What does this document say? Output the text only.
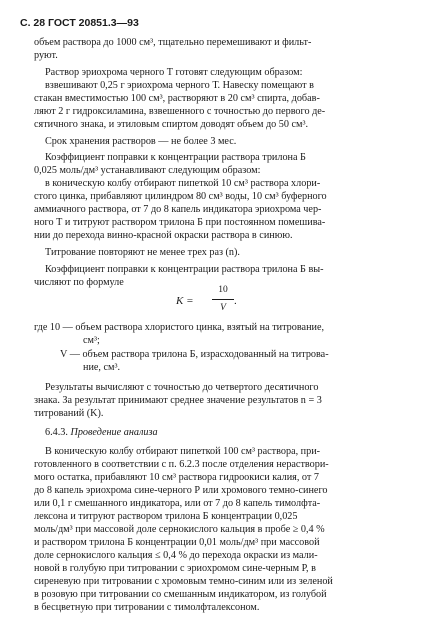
С. 28 ГОСТ 20851.3—93
объем раствора до 1000 см³, тщательно перемешивают и фильт-
руют.
Раствор эриохрома черного Т готовят следующим образом:
взвешивают 0,25 г эриохрома черного Т. Навеску помещают в
стакан вместимостью 100 см³, растворяют в 20 см³ спирта, добав-
ляют 2 г гидроксиламина, взвешенного с точностью до первого де-
сятичного знака, и этиловым спиртом доводят объем до 50 см³.
Срок хранения растворов — не более 3 мес.
Коэффициент поправки к концентрации раствора трилона Б
0,025 моль/дм³ устанавливают следующим образом:
в коническую колбу отбирают пипеткой 10 см³ раствора хлори-
стого цинка, прибавляют цилиндром 80 см³ воды, 10 см³ буферного
аммиачного раствора, от 7 до 8 капель индикатора эриохрома чер-
ного Т и титруют раствором трилона Б при постоянном помешива-
нии до перехода винно-красной окраски раствора в синюю.
Титрование повторяют не менее трех раз (n).
Коэффициент поправки к концентрации раствора трилона Б вы-
числяют по формуле
K =
10
V
.
где 10 — объем раствора хлористого цинка, взятый на титрование,
см³;
V — объем раствора трилона Б, израсходованный на титрова-
ние, см³.
Результаты вычисляют с точностью до четвертого десятичного
знака. За результат принимают среднее значение результатов n = 3
титрований (K).
6.4.3. Проведение анализа
В коническую колбу отбирают пипеткой 100 см³ раствора, при-
готовленного в соответствии с п. 6.2.3 после отделения нераствори-
мого остатка, прибавляют 10 см³ раствора гидроокиси калия, от 7
до 8 капель эриохрома сине-черного Р или хромового темно-синего
или 0,1 г смешанного индикатора, или от 7 до 8 капель тимолфта-
лексона и титруют раствором трилона Б концентрации 0,025
моль/дм³ при массовой доле сернокислого кальция в пробе ≥ 0,4 %
и раствором трилона Б концентрации 0,01 моль/дм³ при массовой
доле сернокислого кальция ≤ 0,4 % до перехода окраски из мали-
новой в голубую при титровании с эриохромом сине-черным Р, в
сиреневую при титровании с хромовым темно-синим или из зеленой
в розовую при титровании со смешанным индикатором, из голубой
в бесцветную при титровании с тимолфталексоном.
